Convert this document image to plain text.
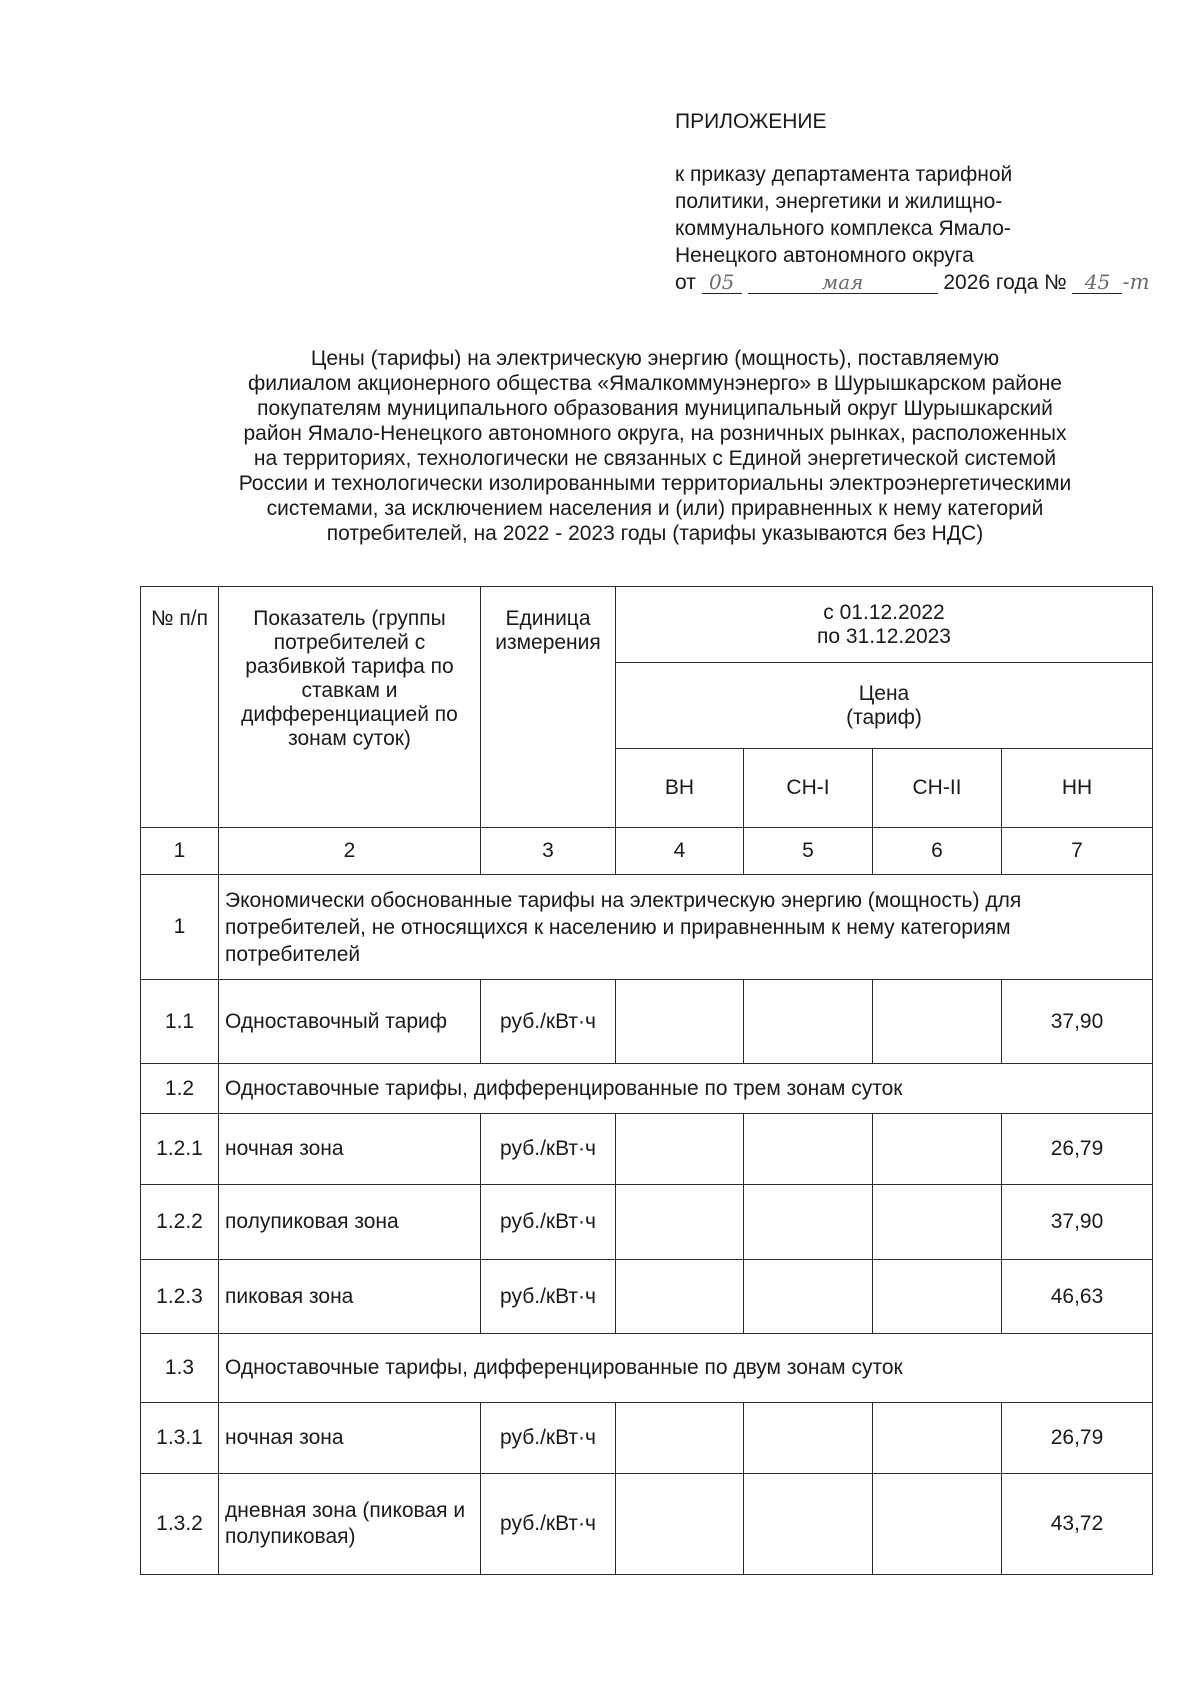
ПРИЛОЖЕНИЕ
к приказу департамента тарифной
политики, энергетики и жилищно-
коммунального комплекса Ямало-
Ненецкого автономного округа
от 05	мая	2026 года № 45 -т
Цены (тарифы) на электрическую энергию (мощность), поставляемую
филиалом акционерного общества «Ямалкоммунэнерго» в Шурышкарском районе
покупателям муниципального образования муниципальный округ Шурышкарский
район Ямало-Ненецкого автономного округа, на розничных рынках, расположенных
на территориях, технологически не связанных с Единой энергетической системой
России и технологически изолированными территориальны электроэнергетическими
системами, за исключением населения и (или) приравненных к нему категорий
потребителей, на 2022 - 2023 годы (тарифы указываются без НДС)
№ п/п	Показатель (группы потребителей с разбивкой тарифа по ставкам и дифференциацией по зонам суток)	Единица измерения	с 01.12.2022
по 31.12.2023			

			Цена
(тариф)			

			ВН	СН-I	СН-II	НН
1	2	3	4	5	6	7
1	Экономически обоснованные тарифы на электрическую энергию (мощность) для потребителей, не относящихся к населению и приравненным к нему категориям потребителей					
1.1	Одноставочный тариф	руб./кВт·ч				37,90
1.2	Одноставочные тарифы, дифференцированные по трем зонам суток					
1.2.1	ночная зона	руб./кВт·ч				26,79
1.2.2	полупиковая зона	руб./кВт·ч				37,90
1.2.3	пиковая зона	руб./кВт·ч				46,63
1.3	Одноставочные тарифы, дифференцированные по двум зонам суток					
1.3.1	ночная зона	руб./кВт·ч				26,79
1.3.2	дневная зона (пиковая и полупиковая)	руб./кВт·ч				43,72
